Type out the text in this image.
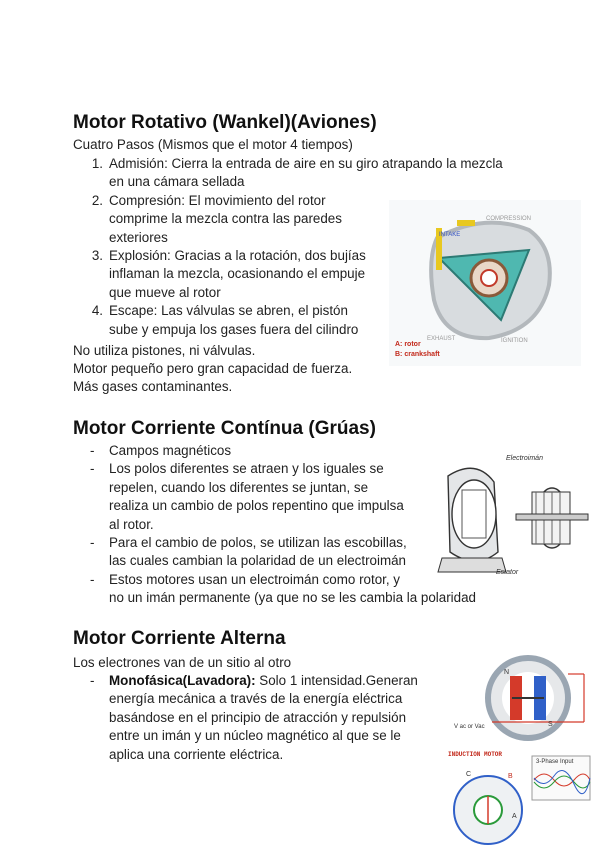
Motor Rotativo (Wankel)(Aviones)
Cuatro Pasos (Mismos que el motor 4 tiempos)
1. Admisión: Cierra la entrada de aire en su giro atrapando la mezcla
en una cámara sellada
2. Compresión: El movimiento del rotor
comprime la mezcla contra las paredes
exteriores
3. Explosión: Gracias a la rotación, dos bujías
inflaman la mezcla, ocasionando el empuje
que mueve al rotor
4. Escape: Las válvulas se abren, el pistón
sube y empuja los gases fuera del cilindro
No utiliza pistones, ni válvulas.
Motor pequeño pero gran capacidad de fuerza.
Más gases contaminantes.
INTAKE
COMPRESSION
EXHAUST	IGNITION
A: rotor
B: crankshaft
Motor Corriente Contínua (Grúas)
- Campos magnéticos
- Los polos diferentes se atraen y los iguales se
repelen, cuando los diferentes se juntan, se
realiza un cambio de polos repentino que impulsa
al rotor.
- Para el cambio de polos, se utilizan las escobillas,
las cuales cambian la polaridad de un electroimán
- Estos motores usan un electroimán como rotor, y
no un imán permanente (ya que no se les cambia la polaridad
Electroimán
Estator
Motor Corriente Alterna
Los electrones van de un sitio al otro
- Monofásica(Lavadora): Solo 1 intensidad.Generan
energía mecánica a través de la energía eléctrica
basándose en el principio de atracción y repulsión
entre un imán y un núcleo magnético al que se le
aplica una corriente eléctrica.
N
S
V ac or Vac
INDUCTION MOTOR
3-Phase Input
B
C
A
